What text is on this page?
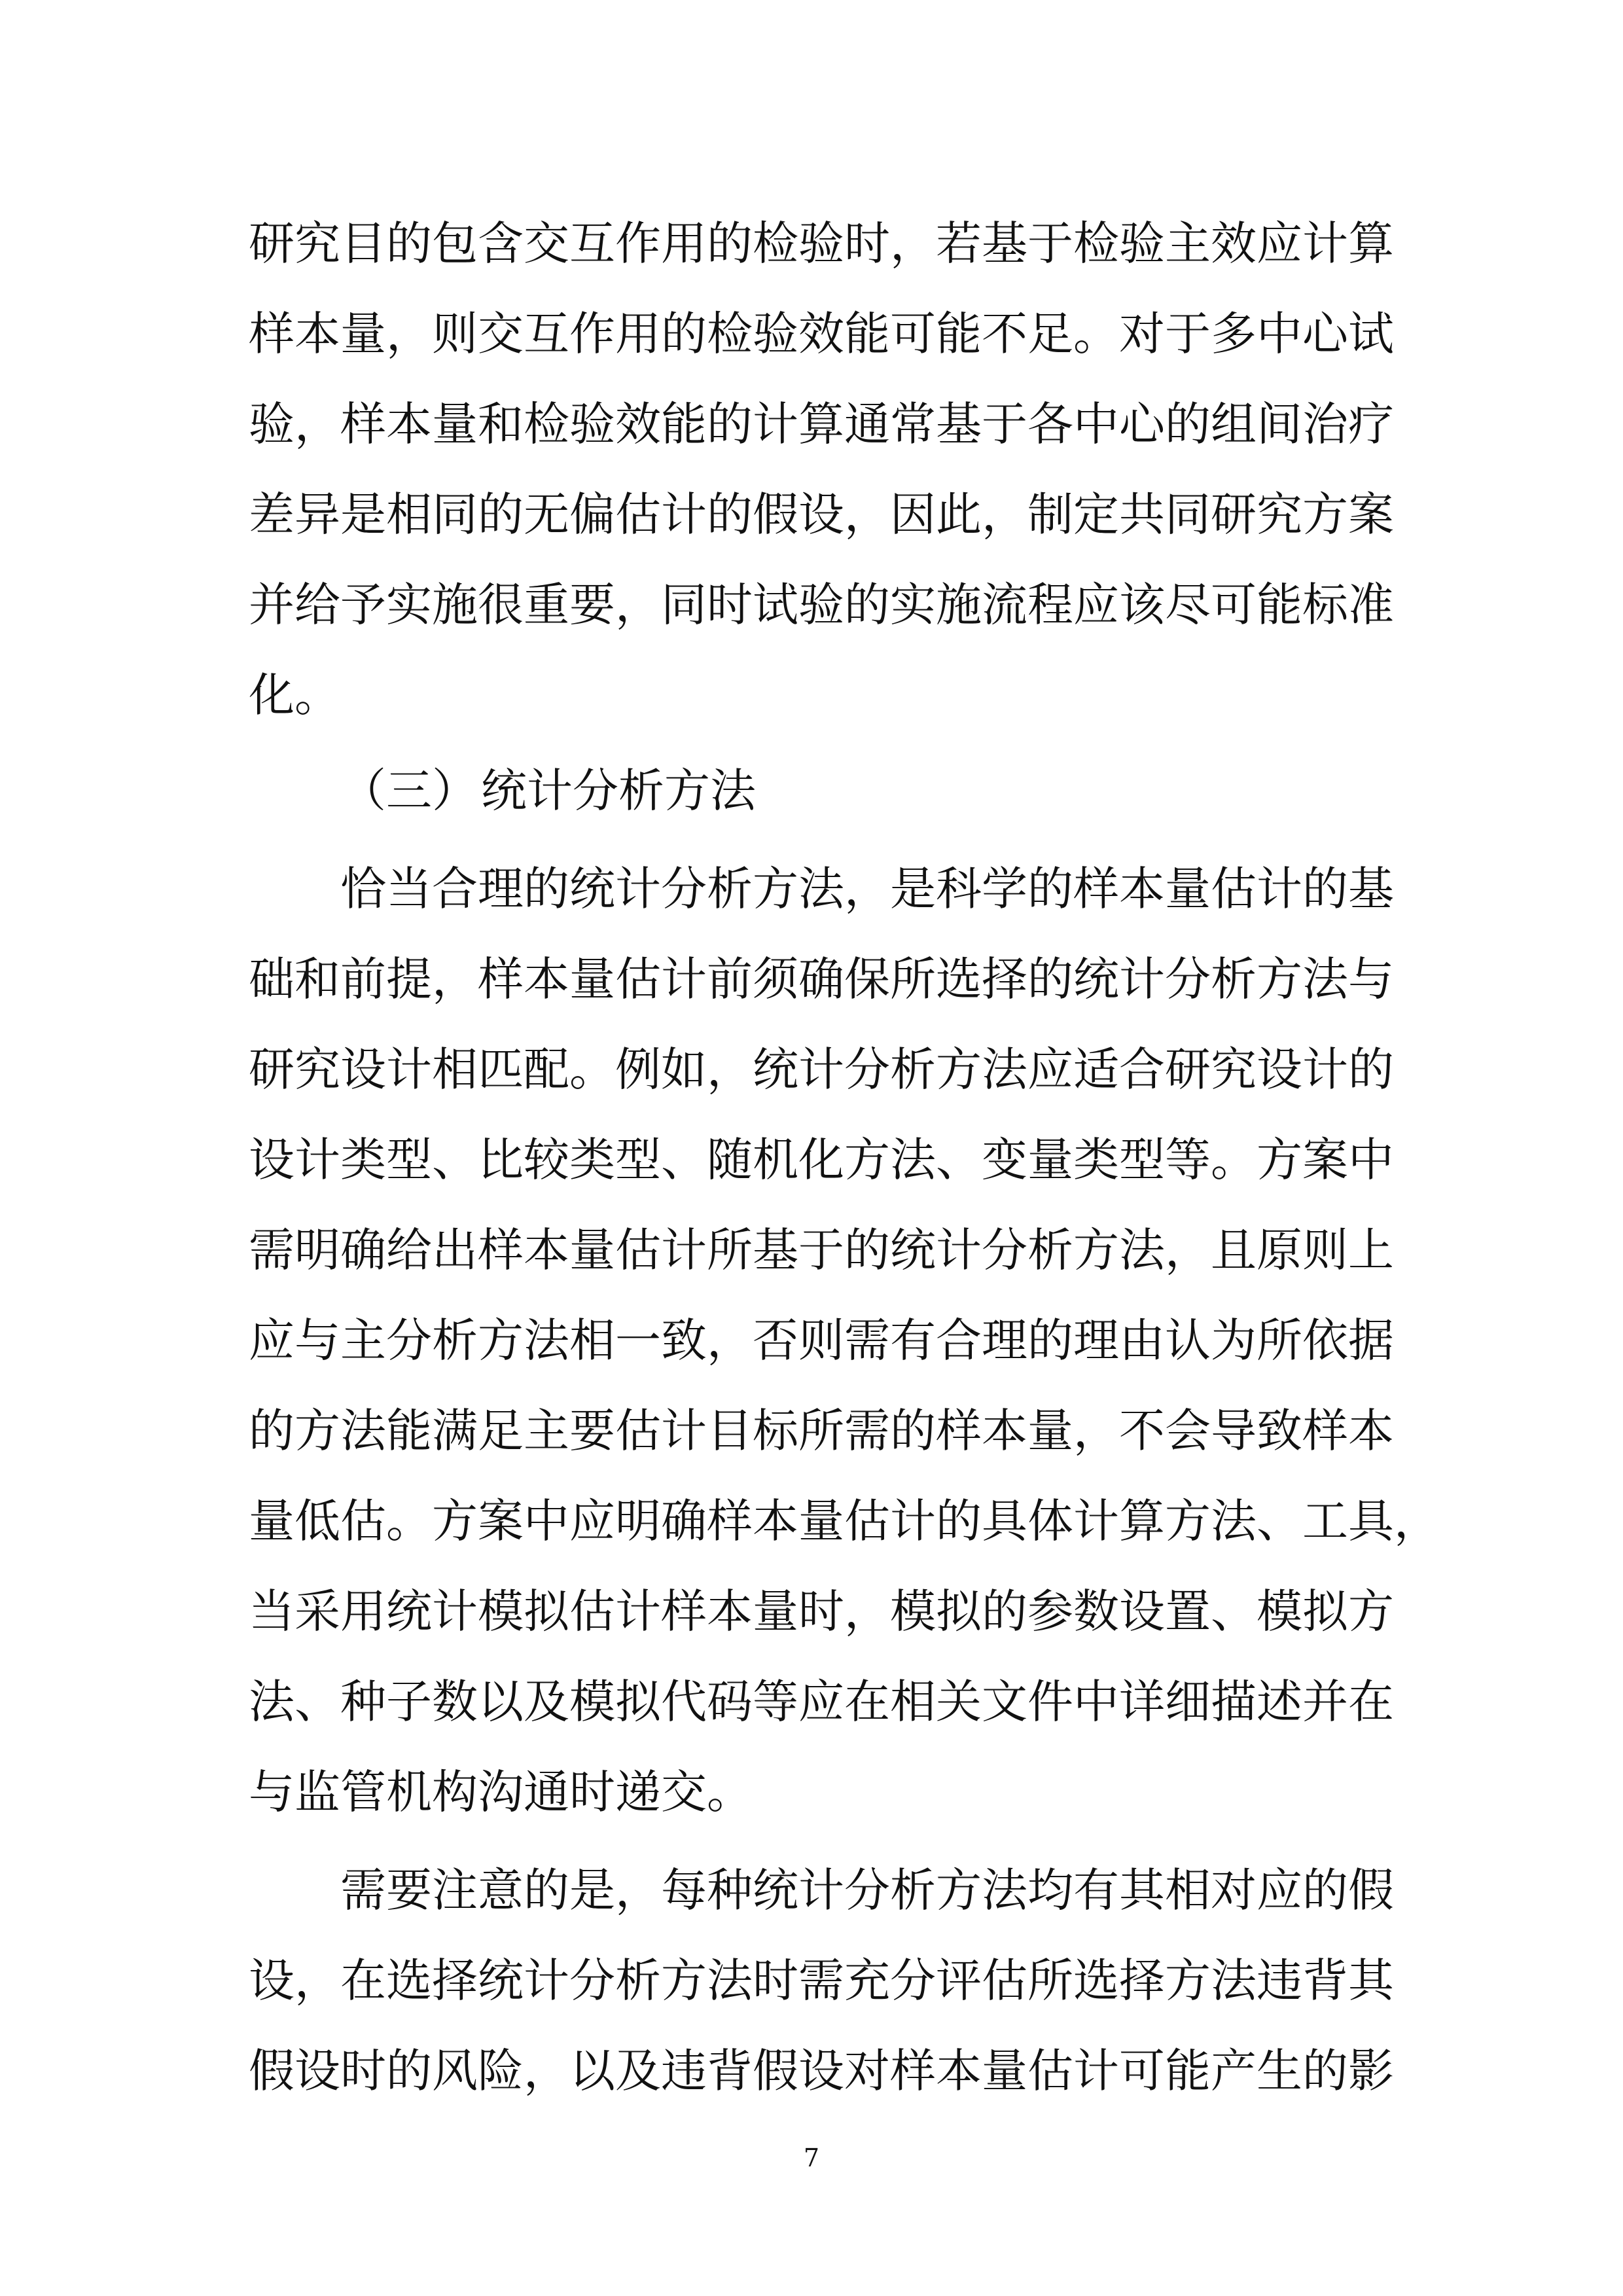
研究目的包含交互作用的检验时，若基于检验主效应计算
样本量，则交互作用的检验效能可能不足。对于多中心试
验，样本量和检验效能的计算通常基于各中心的组间治疗
差异是相同的无偏估计的假设，因此，制定共同研究方案
并给予实施很重要，同时试验的实施流程应该尽可能标准
化。
（三）统计分析方法
恰当合理的统计分析方法，是科学的样本量估计的基
础和前提，样本量估计前须确保所选择的统计分析方法与
研究设计相匹配。例如，统计分析方法应适合研究设计的
设计类型、比较类型、随机化方法、变量类型等。方案中
需明确给出样本量估计所基于的统计分析方法，且原则上
应与主分析方法相一致，否则需有合理的理由认为所依据
的方法能满足主要估计目标所需的样本量，不会导致样本
量低估。方案中应明确样本量估计的具体计算方法、工具，
当采用统计模拟估计样本量时，模拟的参数设置、模拟方
法、种子数以及模拟代码等应在相关文件中详细描述并在
与监管机构沟通时递交。
需要注意的是，每种统计分析方法均有其相对应的假
设，在选择统计分析方法时需充分评估所选择方法违背其
假设时的风险，以及违背假设对样本量估计可能产生的影
7
